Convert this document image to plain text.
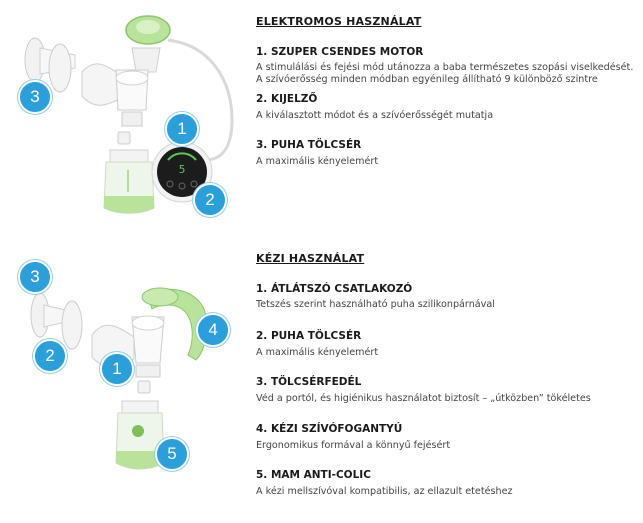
5
1
2
3
ELEKTROMOS HASZNÁLAT
1. SZUPER CSENDES MOTOR
A stimulálási és fejési mód utánozza a baba természetes szopási viselkedését.
A szívóerősség minden módban egyénileg állítható 9 különböző szintre
2. KIJELZŐ
A kiválasztott módot és a szívóerősségét mutatja
3. PUHA TÖLCSÉR
A maximális kényelemért
3
2
1
4
5
KÉZI HASZNÁLAT
1. ÁTLÁTSZÓ CSATLAKOZÓ
Tetszés szerint használható puha szilikonpárnával
2. PUHA TÖLCSÉR
A maximális kényelemért
3. TÖLCSÉRFEDÉL
Véd a portól, és higiénikus használatot biztosít – „útközben” tökéletes
4. KÉZI SZÍVÓFOGANTYÚ
Ergonomikus formával a könnyű fejésért
5. MAM ANTI-COLIC
A kézi mellszívóval kompatibilis, az ellazult etetéshez
